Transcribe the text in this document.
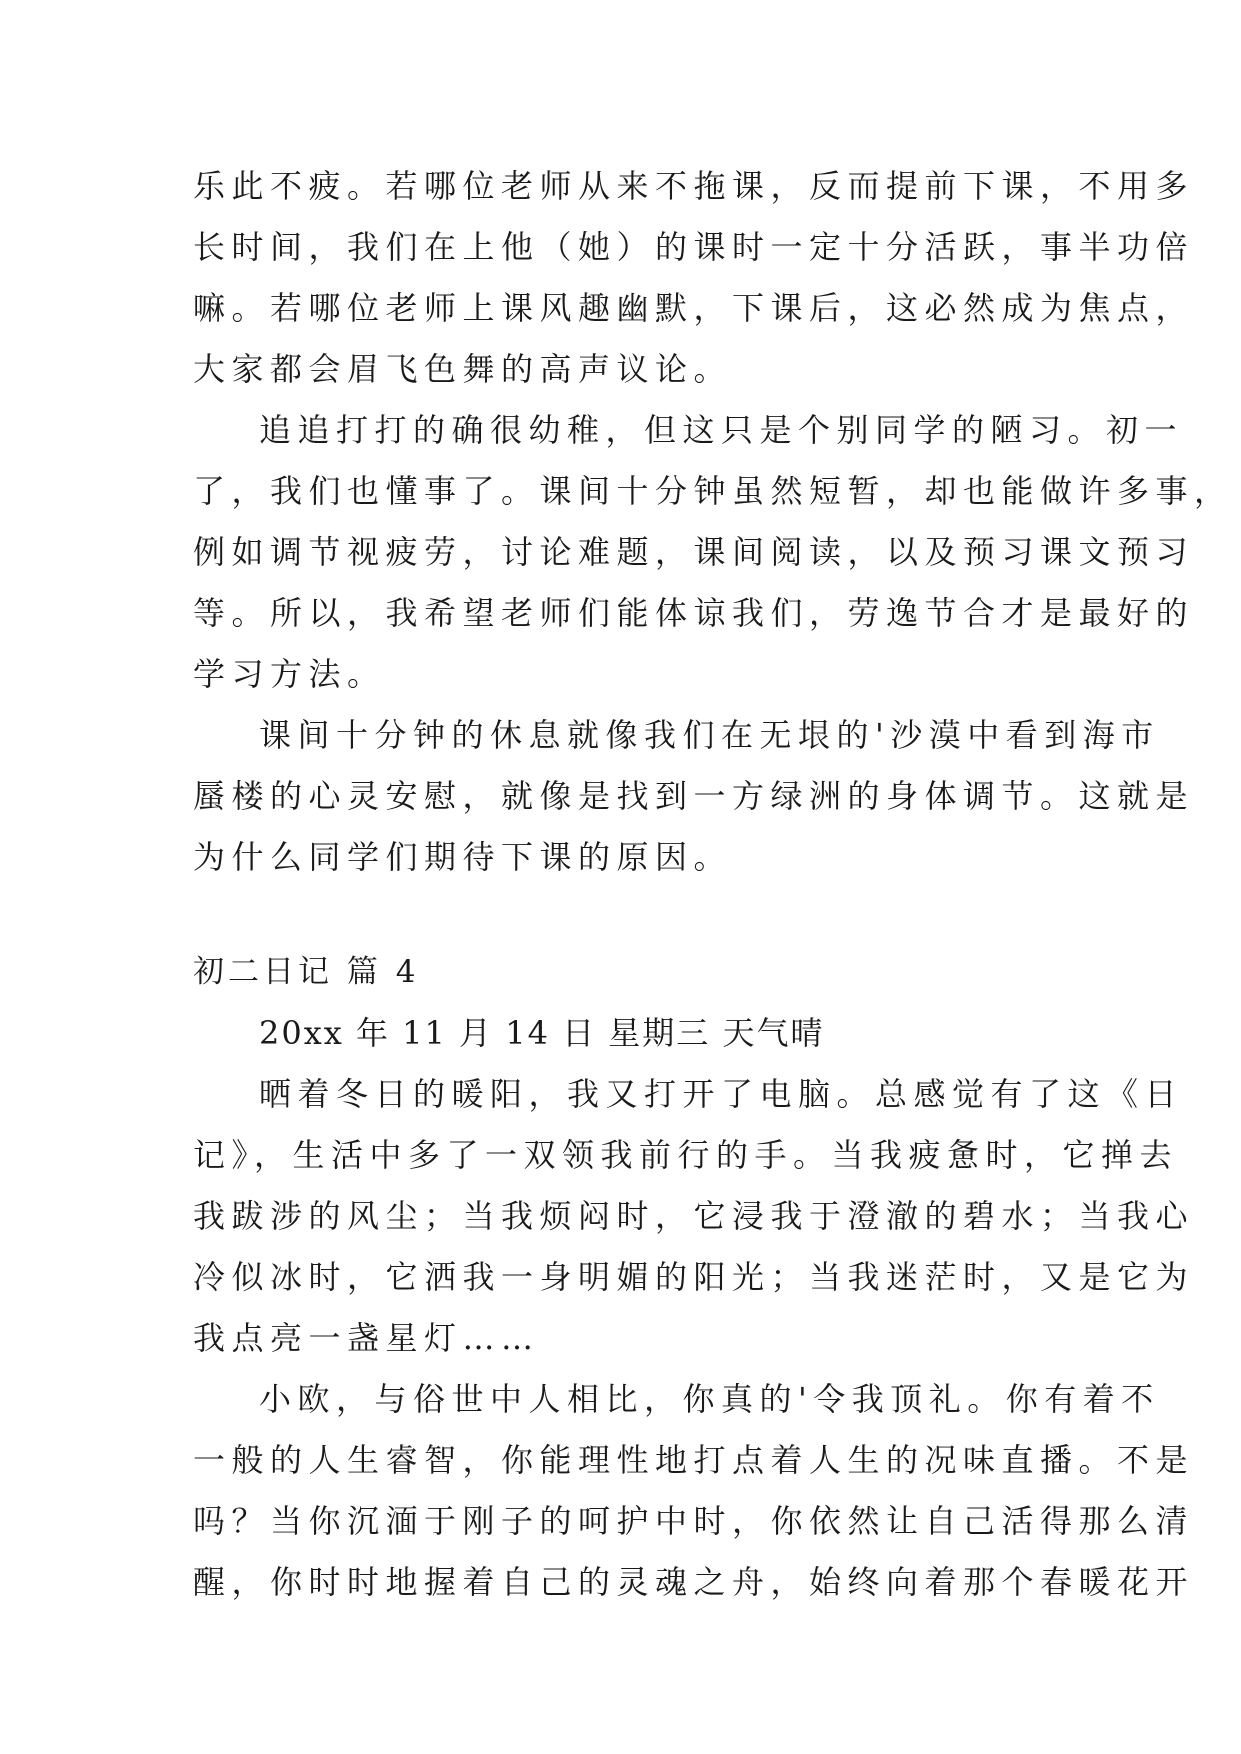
乐此不疲。若哪位老师从来不拖课，反而提前下课，不用多
长时间，我们在上他（她）的课时一定十分活跃，事半功倍
嘛。若哪位老师上课风趣幽默，下课后，这必然成为焦点，
大家都会眉飞色舞的高声议论。
追追打打的确很幼稚，但这只是个别同学的陋习。初一
了，我们也懂事了。课间十分钟虽然短暂，却也能做许多事，
例如调节视疲劳，讨论难题，课间阅读，以及预习课文预习
等。所以，我希望老师们能体谅我们，劳逸节合才是最好的
学习方法。
课间十分钟的休息就像我们在无垠的'沙漠中看到海市
蜃楼的心灵安慰，就像是找到一方绿洲的身体调节。这就是
为什么同学们期待下课的原因。
初二日记 篇 4
20xx 年 11 月 14 日 星期三 天气晴
晒着冬日的暖阳，我又打开了电脑。总感觉有了这《日
记》，生活中多了一双领我前行的手。当我疲惫时，它掸去
我跋涉的风尘；当我烦闷时，它浸我于澄澈的碧水；当我心
冷似冰时，它洒我一身明媚的阳光；当我迷茫时，又是它为
我点亮一盏星灯……
小欧，与俗世中人相比，你真的'令我顶礼。你有着不
一般的人生睿智，你能理性地打点着人生的况味直播。不是
吗？当你沉湎于刚子的呵护中时，你依然让自己活得那么清
醒，你时时地握着自己的灵魂之舟，始终向着那个春暖花开
